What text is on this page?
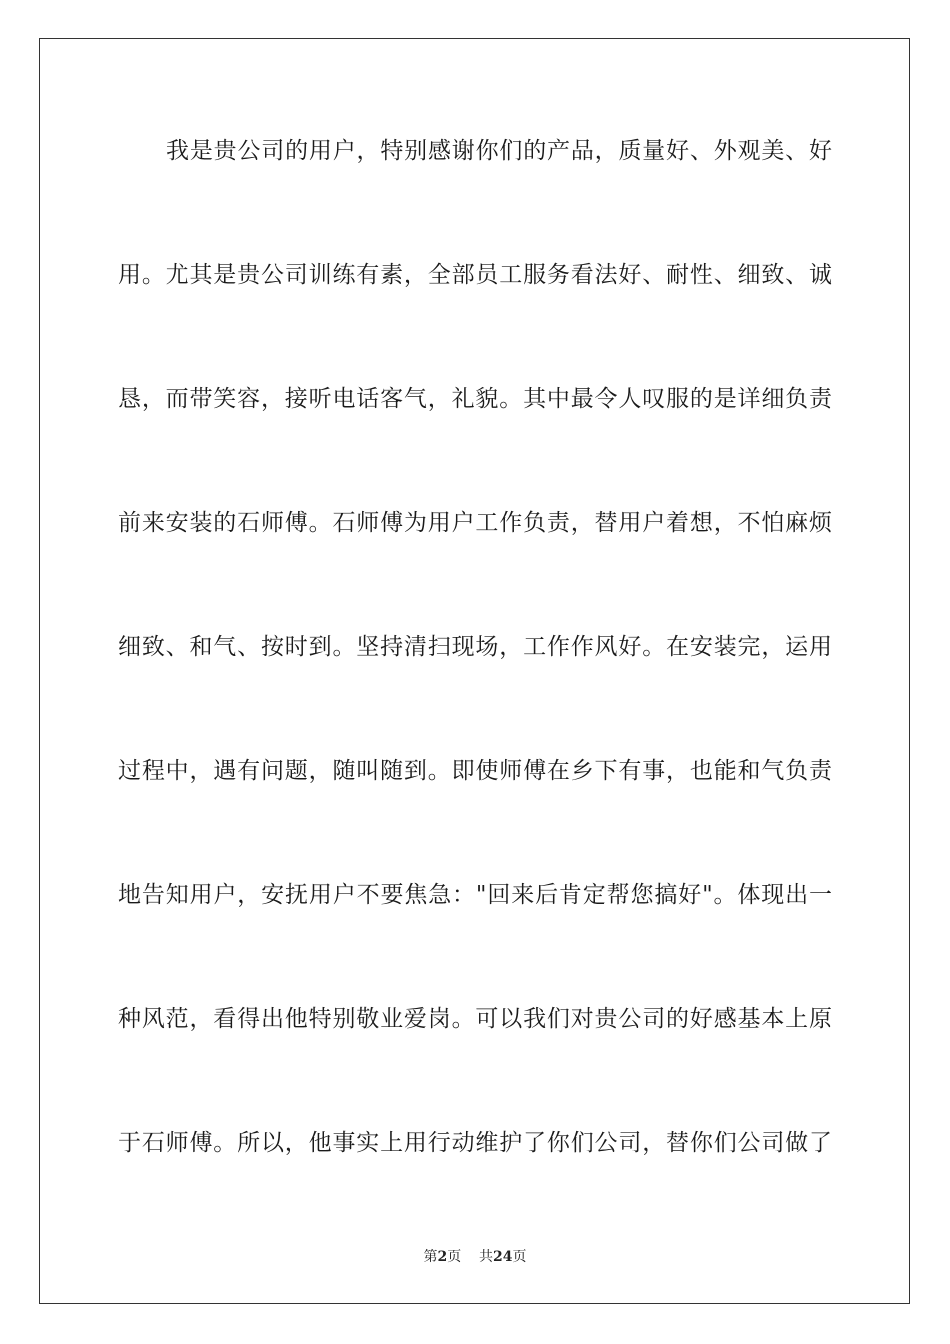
我是贵公司的用户，特别感谢你们的产品，质量好、外观美、好
用。尤其是贵公司训练有素，全部员工服务看法好、耐性、细致、诚
恳，而带笑容，接听电话客气，礼貌。其中最令人叹服的是详细负责
前来安装的石师傅。石师傅为用户工作负责，替用户着想，不怕麻烦
细致、和气、按时到。坚持清扫现场，工作作风好。在安装完，运用
过程中，遇有问题，随叫随到。即使师傅在乡下有事，也能和气负责
地告知用户，安抚用户不要焦急："回来后肯定帮您搞好"。体现出一
种风范，看得出他特别敬业爱岗。可以我们对贵公司的好感基本上原
于石师傅。所以，他事实上用行动维护了你们公司，替你们公司做了
第2页 共24页
